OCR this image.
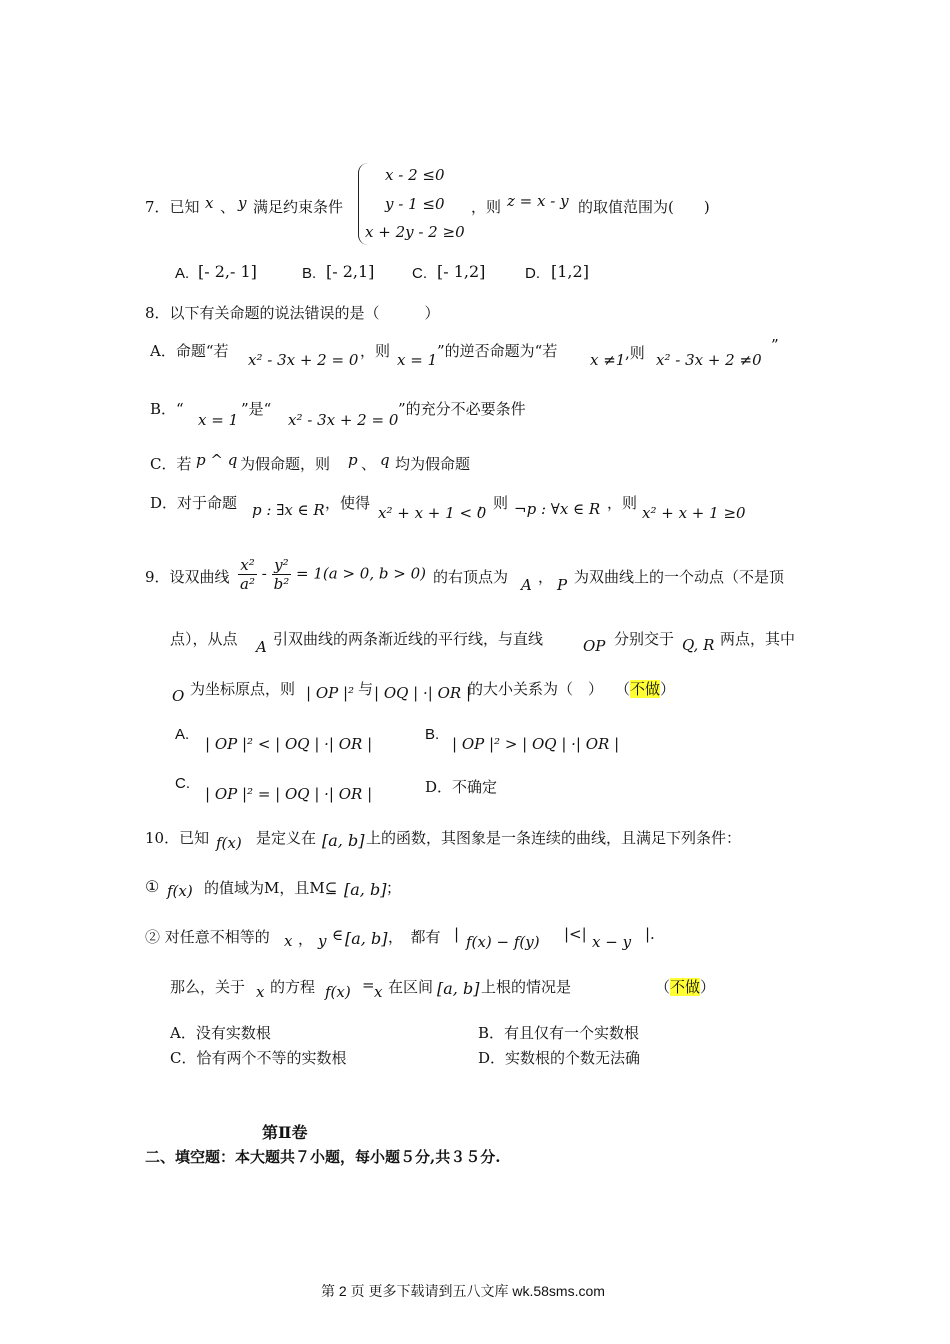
7．已知 x 、 y 满足约束条件
x - 2 ≤0
y - 1 ≤0
x + 2y - 2 ≥0
，则 z = x - y 的取值范围为(　　)
A. [- 2,- 1]	B. [- 2,1]	C. [- 1,2]	D. [1,2]
8．以下有关命题的说法错误的是（　　　）
A．命题“若 x² - 3x + 2 = 0 ，则 x = 1 ”的逆否命题为“若 x ≠1 ,则 x² - 3x + 2 ≠0
”
B．“
x = 1
”是“
x² - 3x + 2 = 0
”的充分不必要条件
C．若 p ^ q 为假命题，则 p 、 q 均为假命题
D．对于命题 p : ∃x ∈ R ，使得
x² + x + 1 < 0
，则 ¬p : ∀x ∈ R ，则
x² + x + 1 ≥0
9．设双曲线 $\frac{\text{x²}}{\text{a²}} - \frac{\text{y²}}{\text{b²}} = 1(a > 0$, b > 0) 的右顶点为 A ， P 为双曲线上的一个动点（不是顶
点），从点 A 引双曲线的两条渐近线的平行线，与直线	OP 分别交于 Q, R 两点，其中
O 为坐标原点，则 | OP |² 与 | OQ | ·| OR |
的大小关系为（　） （不做）
A.
| OP |² < | OQ | ·| OR |
B.
| OP |² > | OQ | ·| OR |
C.
| OP |² = | OQ | ·| OR |	D．不确定
10．已知 f(x) 是定义在 [a, b] 上的函数，其图象是一条连续的曲线，且满足下列条件：
① f(x) 的值域为M，且M⊆ [a, b] ；
② 对任意不相等的 x ， y ∈ [a, b] ，　都有 | f(x) − f(y) |<| x − y |.
那么，关于 x 的方程 f(x) = x 在区间 [a, b] 上根的情况是	（不做）
A．没有实数根	B．有且仅有一个实数根
C．恰有两个不等的实数根	D．实数根的个数无法确
第Ⅱ卷
二、填空题：本大题共７小题，每小题５分,共３５分.
第 2 页 更多下载请到五八文库 wk.58sms.com
